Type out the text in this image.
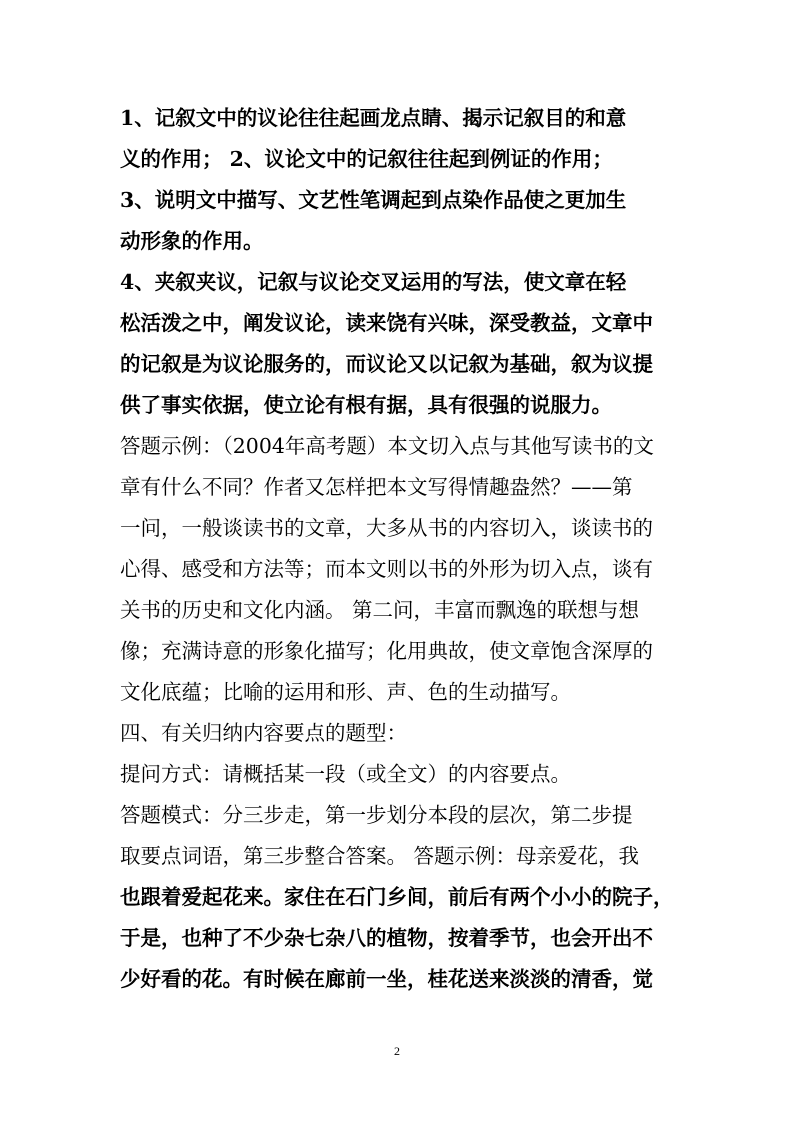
1、记叙文中的议论往往起画龙点睛、揭示记叙目的和意
义的作用； 2、议论文中的记叙往往起到例证的作用；
3、说明文中描写、文艺性笔调起到点染作品使之更加生
动形象的作用。
4、夹叙夹议，记叙与议论交叉运用的写法，使文章在轻
松活泼之中，阐发议论，读来饶有兴味，深受教益，文章中
的记叙是为议论服务的，而议论又以记叙为基础，叙为议提
供了事实依据，使立论有根有据，具有很强的说服力。
答题示例：（2004年高考题）本文切入点与其他写读书的文
章有什么不同？作者又怎样把本文写得情趣盎然？——第
一问，一般谈读书的文章，大多从书的内容切入，谈读书的
心得、感受和方法等；而本文则以书的外形为切入点，谈有
关书的历史和文化内涵。 第二问，丰富而飘逸的联想与想
像；充满诗意的形象化描写；化用典故，使文章饱含深厚的
文化底蕴；比喻的运用和形、声、色的生动描写。
四、有关归纳内容要点的题型：
提问方式：请概括某一段（或全文）的内容要点。
答题模式：分三步走，第一步划分本段的层次，第二步提
取要点词语，第三步整合答案。 答题示例：母亲爱花，我
也跟着爱起花来。家住在石门乡间，前后有两个小小的院子，
于是，也种了不少杂七杂八的植物，按着季节，也会开出不
少好看的花。有时候在廊前一坐，桂花送来淡淡的清香，觉
2
